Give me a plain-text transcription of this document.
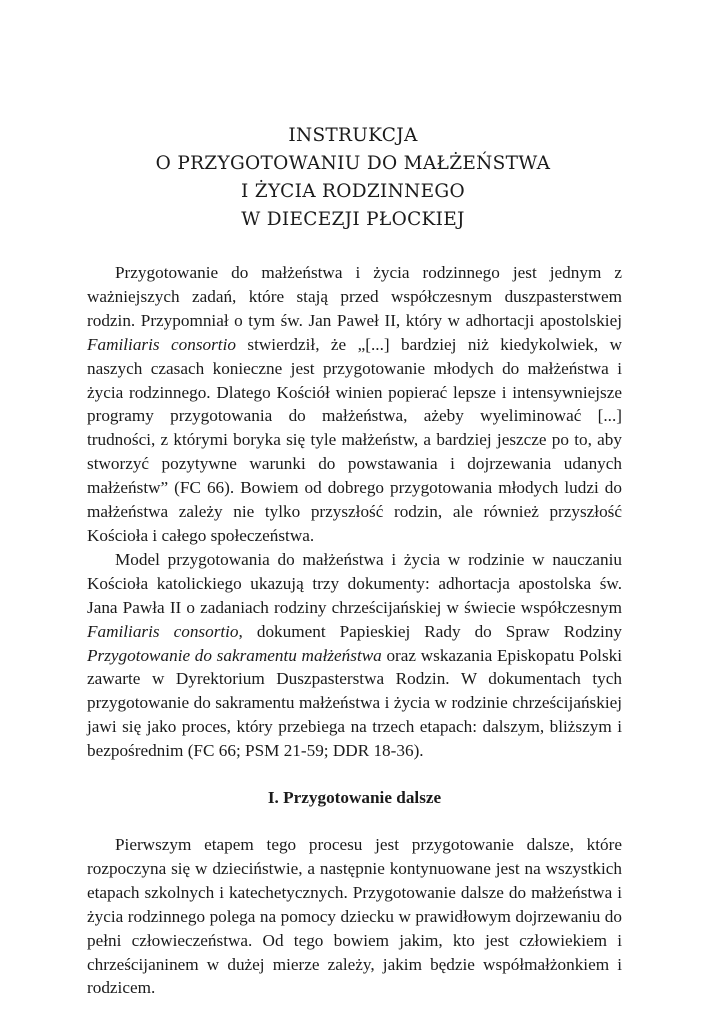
INSTRUKCJA
O PRZYGOTOWANIU DO MAŁŻEŃSTWA
I ŻYCIA RODZINNEGO
W DIECEZJI PŁOCKIEJ

Przygotowanie do małżeństwa i życia rodzinnego jest jednym z ważniejszych zadań, które stają przed współczesnym duszpasterstwem rodzin. Przypomniał o tym św. Jan Paweł II, który w adhortacji apostolskiej Familiaris consortio stwierdził, że „[...] bardziej niż kiedykolwiek, w naszych czasach konieczne jest przygotowanie młodych do małżeństwa i życia rodzinnego. Dlatego Kościół winien popierać lepsze i intensywniejsze programy przygotowania do małżeństwa, ażeby wyeliminować [...] trudności, z którymi boryka się tyle małżeństw, a bardziej jeszcze po to, aby stworzyć pozytywne warunki do powstawania i dojrzewania udanych małżeństw” (FC 66). Bowiem od dobrego przygotowania młodych ludzi do małżeństwa zależy nie tylko przyszłość rodzin, ale również przyszłość Kościoła i całego społeczeństwa.

Model przygotowania do małżeństwa i życia w rodzinie w nauczaniu Kościoła katolickiego ukazują trzy dokumenty: adhortacja apostolska św. Jana Pawła II o zadaniach rodziny chrześcijańskiej w świecie współczesnym Familiaris consortio, dokument Papieskiej Rady do Spraw Rodziny Przygotowanie do sakramentu małżeństwa oraz wskazania Episkopatu Polski zawarte w Dyrektorium Duszpasterstwa Rodzin. W dokumentach tych przygotowanie do sakramentu małżeństwa i życia w rodzinie chrześcijańskiej jawi się jako proces, który przebiega na trzech etapach: dalszym, bliższym i bezpośrednim (FC 66; PSM 21-59; DDR 18-36).

I. Przygotowanie dalsze

Pierwszym etapem tego procesu jest przygotowanie dalsze, które rozpoczyna się w dzieciństwie, a następnie kontynuowane jest na wszystkich etapach szkolnych i katechetycznych. Przygotowanie dalsze do małżeństwa i życia rodzinnego polega na pomocy dziecku w prawidłowym dojrzewaniu do pełni człowieczeństwa. Od tego bowiem jakim, kto jest człowiekiem i chrześcijaninem w dużej mierze zależy, jakim będzie współmałżonkiem i rodzicem.
